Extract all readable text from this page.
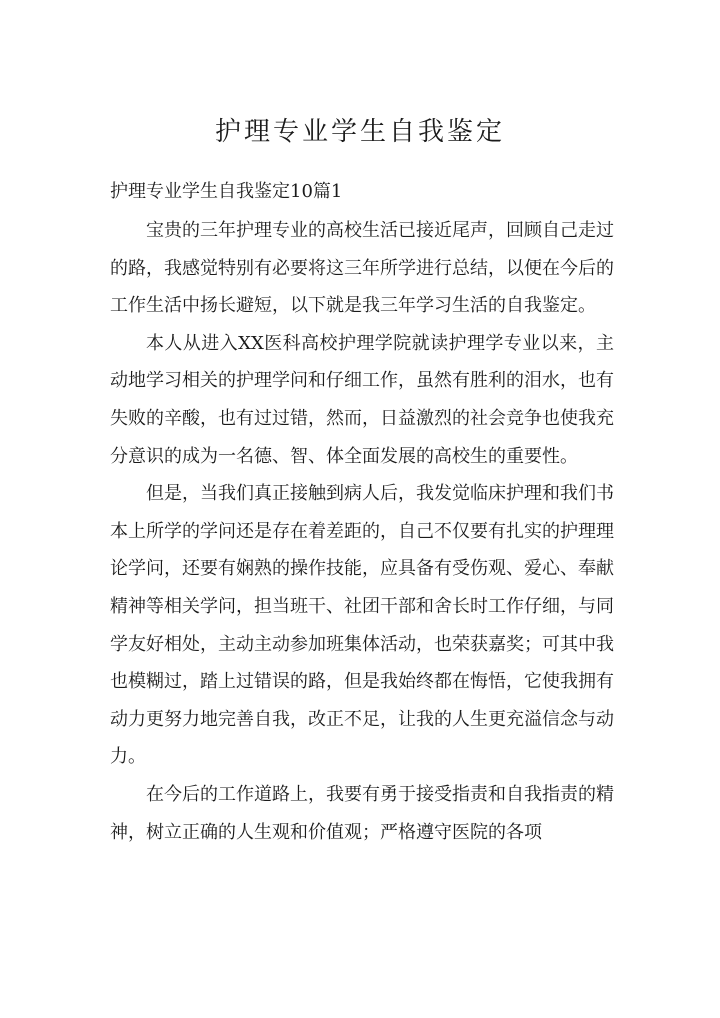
护理专业学生自我鉴定
护理专业学生自我鉴定10篇1

宝贵的三年护理专业的高校生活已接近尾声，回顾自己走过的路，我感觉特别有必要将这三年所学进行总结，以便在今后的工作生活中扬长避短，以下就是我三年学习生活的自我鉴定。

本人从进入XX医科高校护理学院就读护理学专业以来，主动地学习相关的护理学问和仔细工作，虽然有胜利的泪水，也有失败的辛酸，也有过过错，然而，日益激烈的社会竞争也使我充分意识的成为一名德、智、体全面发展的高校生的重要性。

但是，当我们真正接触到病人后，我发觉临床护理和我们书本上所学的学问还是存在着差距的，自己不仅要有扎实的护理理论学问，还要有娴熟的操作技能，应具备有受伤观、爱心、奉献精神等相关学问，担当班干、社团干部和舍长时工作仔细，与同学友好相处，主动主动参加班集体活动，也荣获嘉奖；可其中我也模糊过，踏上过错误的路，但是我始终都在悔悟，它使我拥有动力更努力地完善自我，改正不足，让我的人生更充溢信念与动力。

在今后的工作道路上，我要有勇于接受指责和自我指责的精神，树立正确的人生观和价值观；严格遵守医院的各项
